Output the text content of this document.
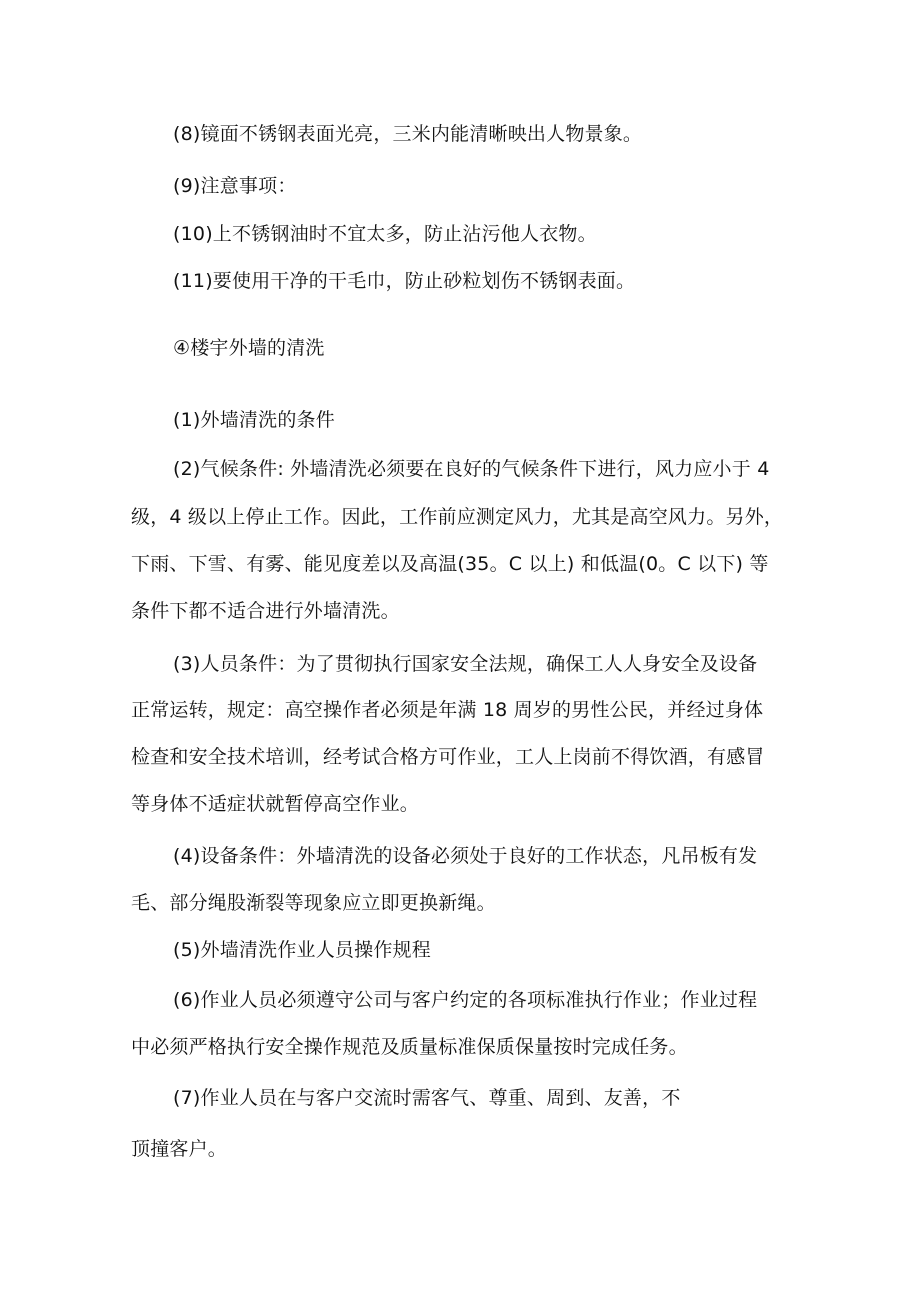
(8)镜面不锈钢表面光亮，三米内能清晰映出人物景象。
(9)注意事项：
(10)上不锈钢油时不宜太多，防止沾污他人衣物。
(11)要使用干净的干毛巾，防止砂粒划伤不锈钢表面。
④楼宇外墙的清洗
(1)外墙清洗的条件
(2)气候条件: 外墙清洗必须要在良好的气候条件下进行，风力应小于 4
级，4 级以上停止工作。因此，工作前应测定风力，尤其是高空风力。另外，
下雨、下雪、有雾、能见度差以及高温(35。C 以上) 和低温(0。C 以下) 等
条件下都不适合进行外墙清洗。
(3)人员条件：为了贯彻执行国家安全法规，确保工人人身安全及设备
正常运转，规定：高空操作者必须是年满 18 周岁的男性公民，并经过身体
检查和安全技术培训，经考试合格方可作业，工人上岗前不得饮酒，有感冒
等身体不适症状就暂停高空作业。
(4)设备条件：外墙清洗的设备必须处于良好的工作状态，凡吊板有发
毛、部分绳股渐裂等现象应立即更换新绳。
(5)外墙清洗作业人员操作规程
(6)作业人员必须遵守公司与客户约定的各项标准执行作业；作业过程
中必须严格执行安全操作规范及质量标准保质保量按时完成任务。
(7)作业人员在与客户交流时需客气、尊重、周到、友善，不
顶撞客户。
